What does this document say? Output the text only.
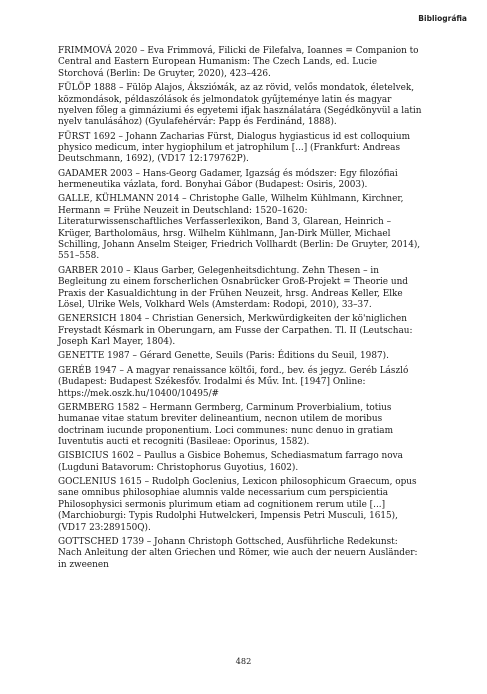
Bibliográfia

FRIMMOVÁ 2020 – Eva Frimmová, Filicki de Filefalva, Ioannes = Companion to Central and Eastern European Humanism: The Czech Lands, ed. Lucie Storchová (Berlin: De Gruyter, 2020), 423–426.

FÜLÖP 1888 – Fülöp Alajos, Ákszióмák, az az rövid, velős mondatok, életelvek, közmondások, példaszólások és jelmondatok gyűjteménye latin és magyar nyelven főleg a gimnáziumi és egyetemi ifjak használatára (Segédkönyvül a latin nyelv tanulásához) (Gyulafehérvár: Papp és Ferdinánd, 1888).

FÜRST 1692 – Johann Zacharias Fürst, Dialogus hygiasticus id est colloquium physico medicum, inter hygiophilum et jatrophilum [...] (Frankfurt: Andreas Deutschmann, 1692), (VD17 12:179762P).

GADAMER 2003 – Hans-Georg Gadamer, Igazság és módszer: Egy filozófiai hermeneutika vázlata, ford. Bonyhai Gábor (Budapest: Osiris, 2003).

GALLE, KÜHLMANN 2014 – Christophe Galle, Wilhelm Kühlmann, Kirchner, Hermann = Frühe Neuzeit in Deutschland: 1520–1620: Literaturwissenschaftliches Verfasserlexikon, Band 3, Glarean, Heinrich – Krüger, Bartholomäus, hrsg. Wilhelm Kühlmann, Jan-Dirk Müller, Michael Schilling, Johann Anselm Steiger, Friedrich Vollhardt (Berlin: De Gruyter, 2014), 551–558.

GARBER 2010 – Klaus Garber, Gelegenheitsdichtung. Zehn Thesen – in Begleitung zu einem forscherlichen Osnabrücker Groß-Projekt = Theorie und Praxis der Kasualdichtung in der Frühen Neuzeit, hrsg. Andreas Keller, Elke Lösel, Ulrike Wels, Volkhard Wels (Amsterdam: Rodopi, 2010), 33–37.

GENERSICH 1804 – Christian Genersich, Merkwürdigkeiten der kö'niglichen Freystadt Késmark in Oberungarn, am Fusse der Carpathen. Tl. II (Leutschau: Joseph Karl Mayer, 1804).

GENETTE 1987 – Gérard Genette, Seuils (Paris: Éditions du Seuil, 1987).

GERÉB 1947 – A magyar renaissance költői, ford., bev. és jegyz. Geréb László (Budapest: Budapest Székesfőv. Irodalmi és Műv. Int. [1947] Online: https://mek.oszk.hu/10400/10495/#

GERMBERG 1582 – Hermann Germberg, Carminum Proverbialium, totius humanae vitae statum breviter delineantium, necnon utilem de moribus doctrinam iucunde proponentium. Loci communes: nunc denuo in gratiam Iuventutis aucti et recogniti (Basileae: Oporinus, 1582).

GISBICIUS 1602 – Paullus a Gisbice Bohemus, Schediasmatum farrago nova (Lugduni Batavorum: Christophorus Guyotius, 1602).

GOCLENIUS 1615 – Rudolph Goclenius, Lexicon philosophicum Graecum, opus sane omnibus philosophiae alumnis valde necessarium cum perspicientia Philosophysici sermonis plurimum etiam ad cognitionem rerum utile [...] (Marchioburgi: Typis Rudolphi Hutwelckeri, Impensis Petri Musculi, 1615), (VD17 23:289150Q).

GOTTSCHED 1739 – Johann Christoph Gottsched, Ausführliche Redekunst: Nach Anleitung der alten Griechen und Römer, wie auch der neuern Ausländer: in zweenen

482
